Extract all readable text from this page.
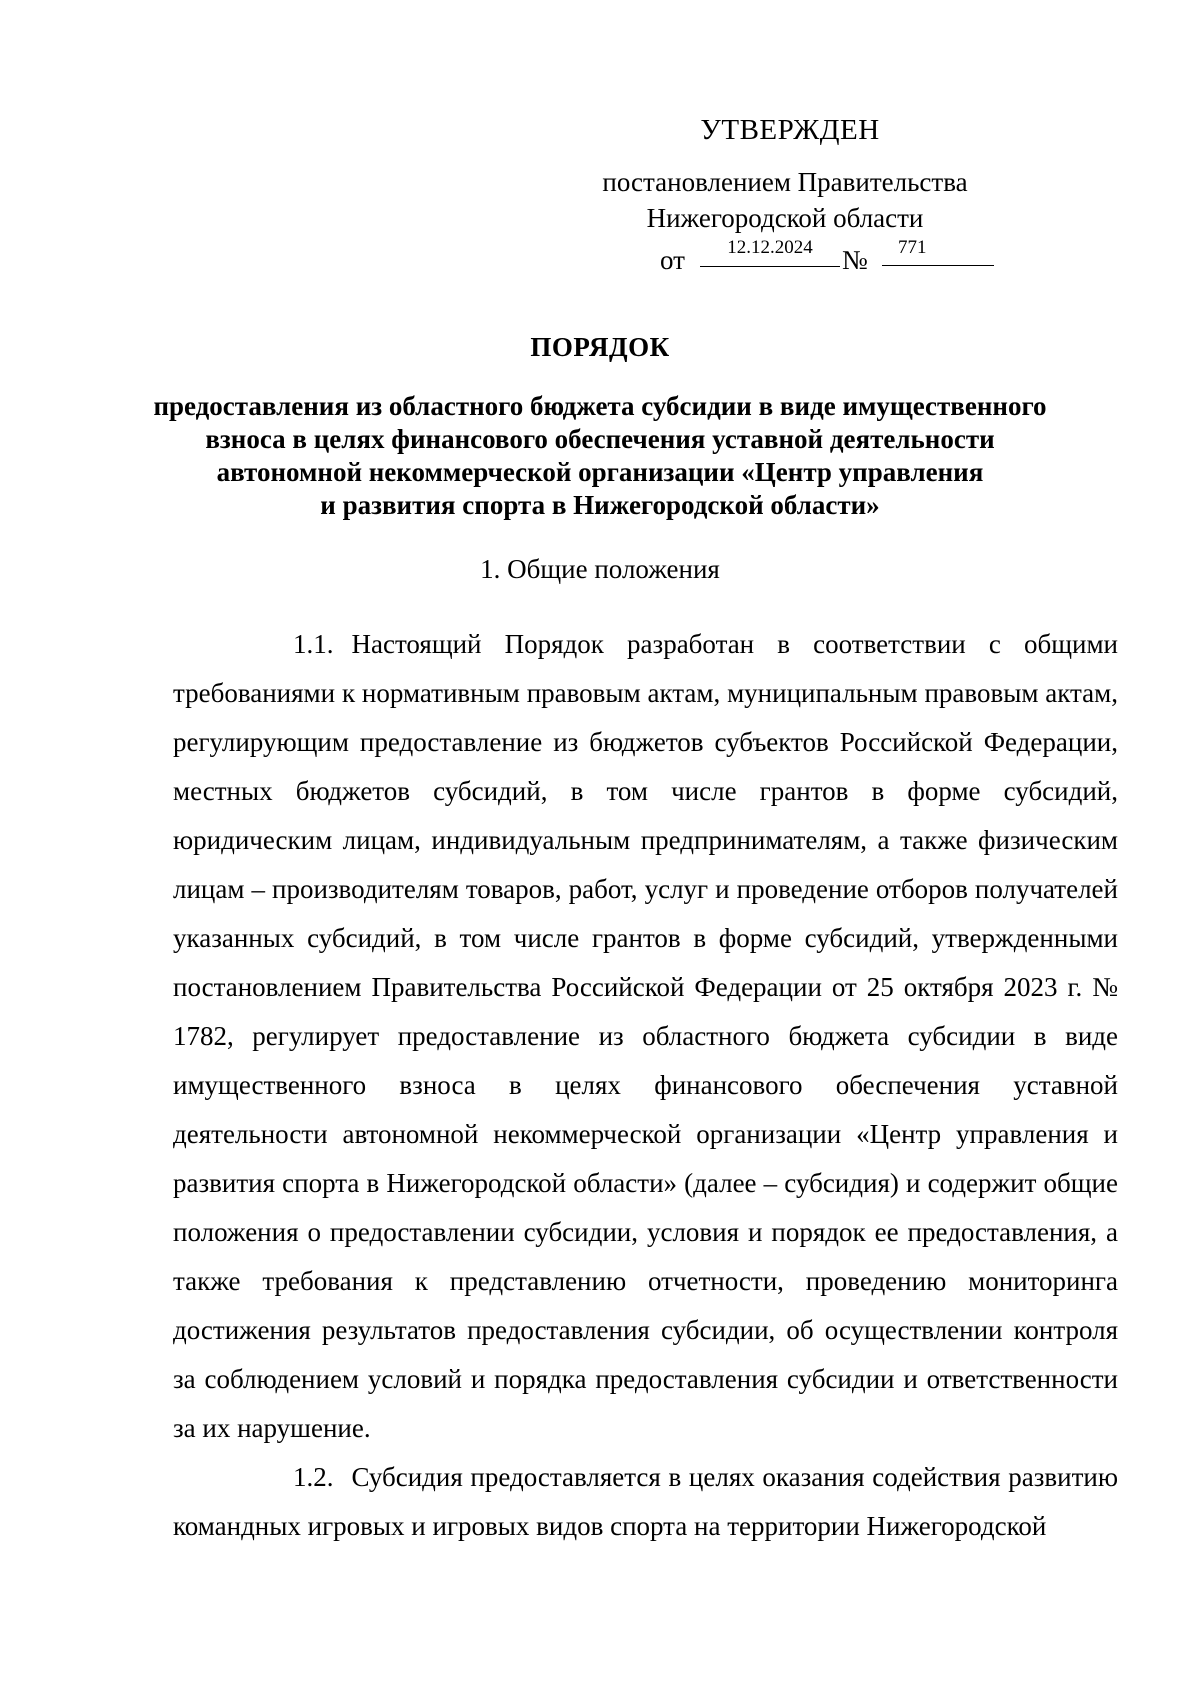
УТВЕРЖДЕН
постановлением Правительства
Нижегородской области
от	12.12.2024	№	771
ПОРЯДОК
предоставления из областного бюджета субсидии в виде имущественного
взноса в целях финансового обеспечения уставной деятельности
автономной некоммерческой организации «Центр управления
и развития спорта в Нижегородской области»
1. Общие положения

1.1. Настоящий Порядок разработан в соответствии с общими требованиями к нормативным правовым актам, муниципальным правовым актам, регулирующим предоставление из бюджетов субъектов Российской Федерации, местных бюджетов субсидий, в том числе грантов в форме субсидий, юридическим лицам, индивидуальным предпринимателям, а также физическим лицам – производителям товаров, работ, услуг и проведение отборов получателей указанных субсидий, в том числе грантов в форме субсидий, утвержденными постановлением Правительства Российской Федерации от 25 октября 2023 г. № 1782, регулирует предоставление из областного бюджета субсидии в виде имущественного взноса в целях финансового обеспечения уставной деятельности автономной некоммерческой организации «Центр управления и развития спорта в Нижегородской области» (далее – субсидия) и содержит общие положения о предоставлении субсидии, условия и порядок ее предоставления, а также требования к представлению отчетности, проведению мониторинга достижения результатов предоставления субсидии, об осуществлении контроля за соблюдением условий и порядка предоставления субсидии и ответственности за их нарушение.

1.2. Субсидия предоставляется в целях оказания содействия развитию командных игровых и игровых видов спорта на территории Нижегородской
